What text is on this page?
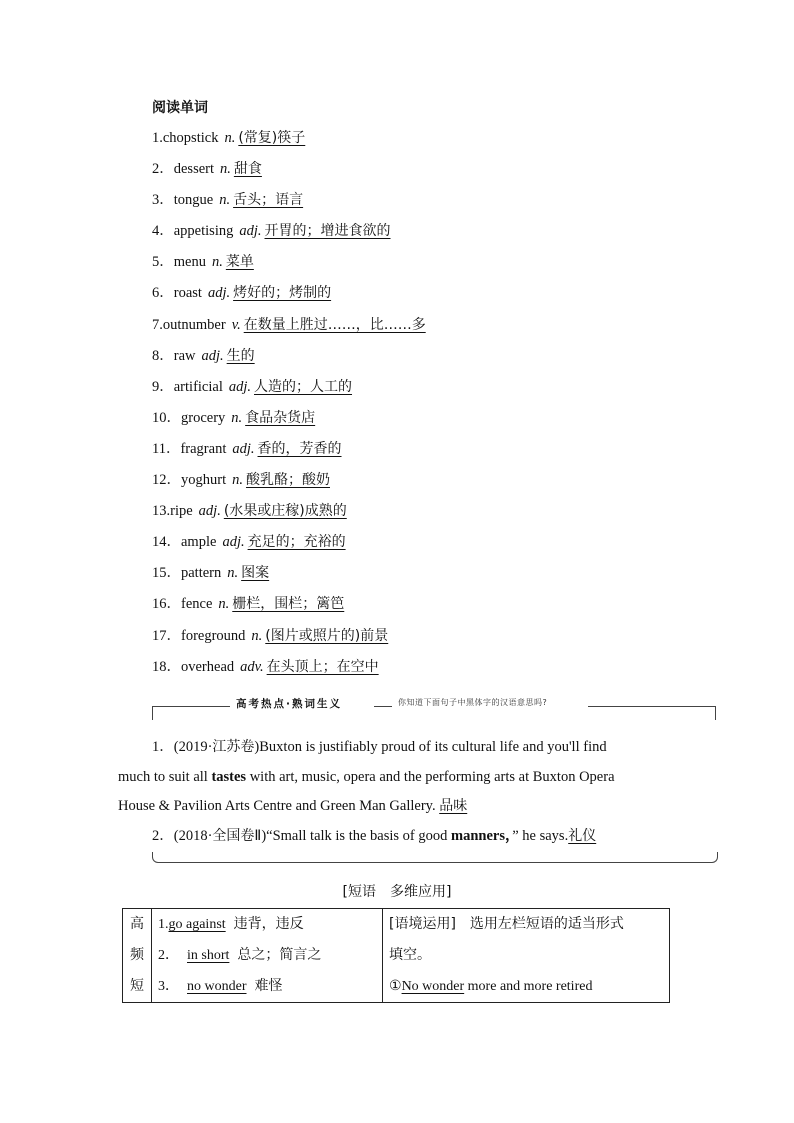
阅读单词
1.chopstick n. (常复)筷子
2．dessert n. 甜食
3．tongue n. 舌头；语言
4．appetising adj. 开胃的；增进食欲的
5．menu n. 菜单
6．roast adj. 烤好的；烤制的
7.outnumber v. 在数量上胜过……，比……多
8．raw adj. 生的
9．artificial adj. 人造的；人工的
10．grocery n. 食品杂货店
11．fragrant adj. 香的，芳香的
12．yoghurt n. 酸乳酪；酸奶
13.ripe adj. (水果或庄稼)成熟的
14．ample adj. 充足的；充裕的
15．pattern n. 图案
16．fence n. 栅栏，围栏；篱笆
17．foreground n. (图片或照片的)前景
18．overhead adv. 在头顶上；在空中
高考热点·熟词生义	你知道下面句子中黑体字的汉语意思吗?

1．(2019·江苏卷)Buxton is justifiably proud of its cultural life and you'll find

much to suit all tastes with art, music, opera and the performing arts at Buxton Opera

House & Pavilion Arts Centre and Green Man Gallery. 品味

2．(2018·全国卷Ⅱ)“Small talk is the basis of good manners，” he says.礼仪

[短语　多维应用]
高
频
短

1.go against 违背，违反
2． in short 总之；简言之
3． no wonder 难怪

[语境运用]　选用左栏短语的适当形式
填空。
①No wonder more and more retired
